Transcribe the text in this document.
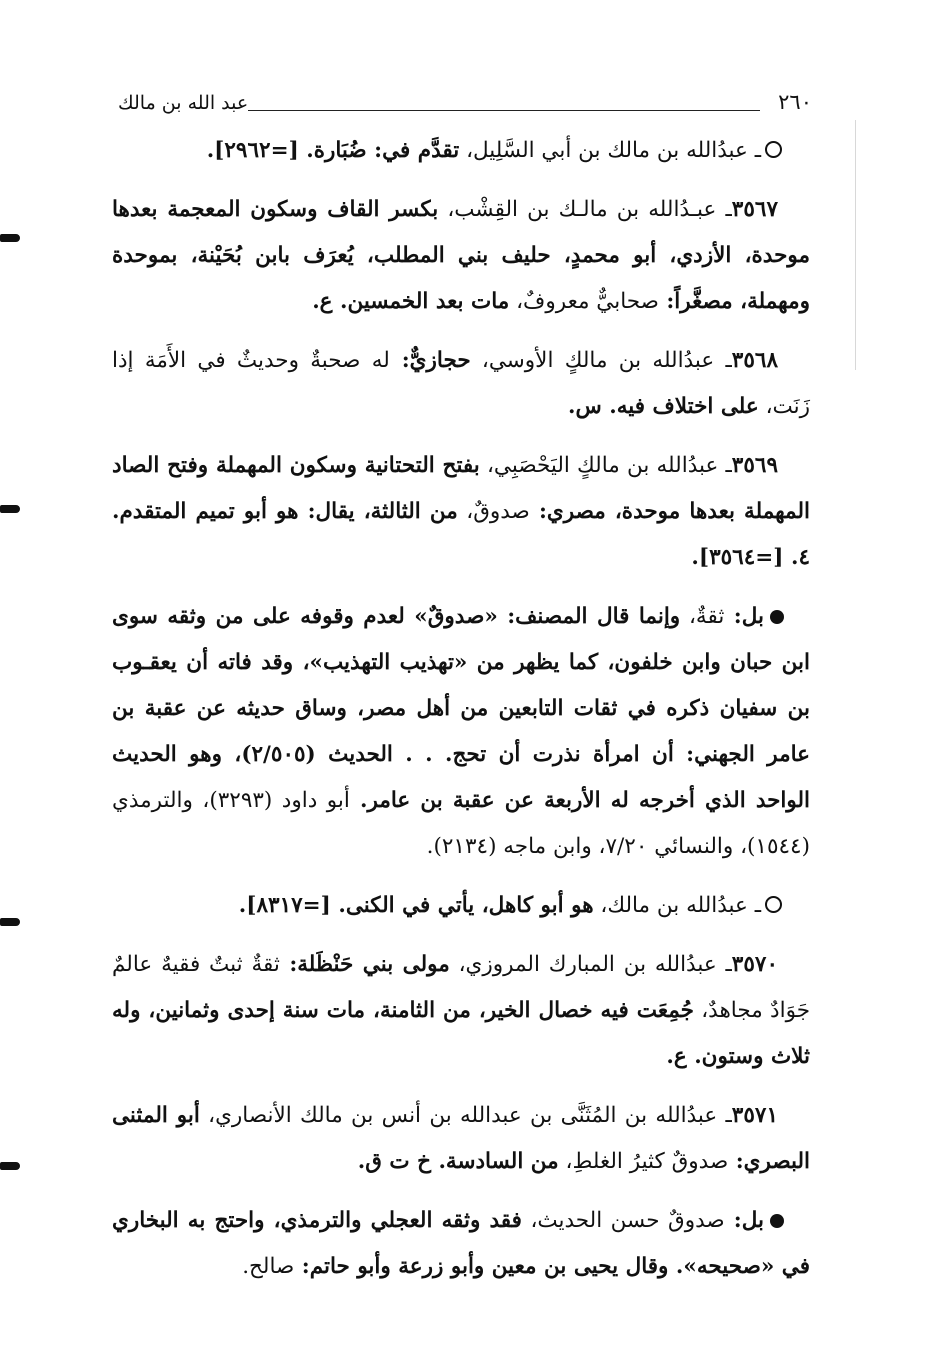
٢٦٠
عبد الله بن مالك

ـ عبدُالله بن مالك بن أبي السَّلِيل، تقدَّم في: ضُبَارة. [=٢٩٦٢].

٣٥٦٧ـ عبـدُالله بن مالـك بن القِشْب، بكسر القاف وسكون المعجمة بعدها موحدة، الأزدي، أبو محمدٍ، حليف بني المطلب، يُعرَف بابن بُحَيْنة، بموحدة ومهملة، مصغَّراً: صحابيٌّ معروفٌ، مات بعد الخمسين. ع.

٣٥٦٨ـ عبدُالله بن مالكٍ الأوسي، حجازيٌّ: له صحبةٌ وحديثٌ في الأَمَة إذا زَنَت، على اختلاف فيه. س.

٣٥٦٩ـ عبدُالله بن مالكٍ اليَحْصَبِي، بفتح التحتانية وسكون المهملة وفتح الصاد المهملة بعدها موحدة، مصري: صدوقٌ، من الثالثة، يقال: هو أبو تميم المتقدم. ٤. [=٣٥٦٤].

بل: ثقةٌ، وإنما قال المصنف: «صدوقٌ» لعدم وقوفه على من وثقه سوى ابن حبان وابن خلفون، كما يظهر من «تهذيب التهذيب»، وقد فاته أن يعقـوب بن سفيان ذكره في ثقات التابعين من أهل مصر، وساق حديثه عن عقبة بن عامر الجهني: أن امرأة نذرت أن تحج. . . الحديث (٢/٥٠٥)، وهو الحديث الواحد الذي أخرجه له الأربعة عن عقبة بن عامر. أبو داود (٣٢٩٣)، والترمذي (١٥٤٤)، والنسائي ٧/٢٠، وابن ماجه (٢١٣٤).

ـ عبدُالله بن مالك، هو أبو كاهل، يأتي في الكنى. [=٨٣١٧].

٣٥٧٠ـ عبدُالله بن المبارك المروزي، مولى بني حَنْظَلة: ثقةٌ ثبتٌ فقيهٌ عالمٌ جَوَادٌ مجاهدٌ، جُمِعَت فيه خصال الخير، من الثامنة، مات سنة إحدى وثمانين، وله ثلاث وستون. ع.

٣٥٧١ـ عبدُالله بن المُثَنَّى بن عبدالله بن أنس بن مالك الأنصاري، أبو المثنى البصري: صدوقٌ كثيرُ الغلطِ، من السادسة. خ ت ق.

بل: صدوقٌ حسن الحديث، فقد وثقه العجلي والترمذي، واحتج به البخاري في «صحيحه». وقال يحيى بن معين وأبو زرعة وأبو حاتم: صالح.
